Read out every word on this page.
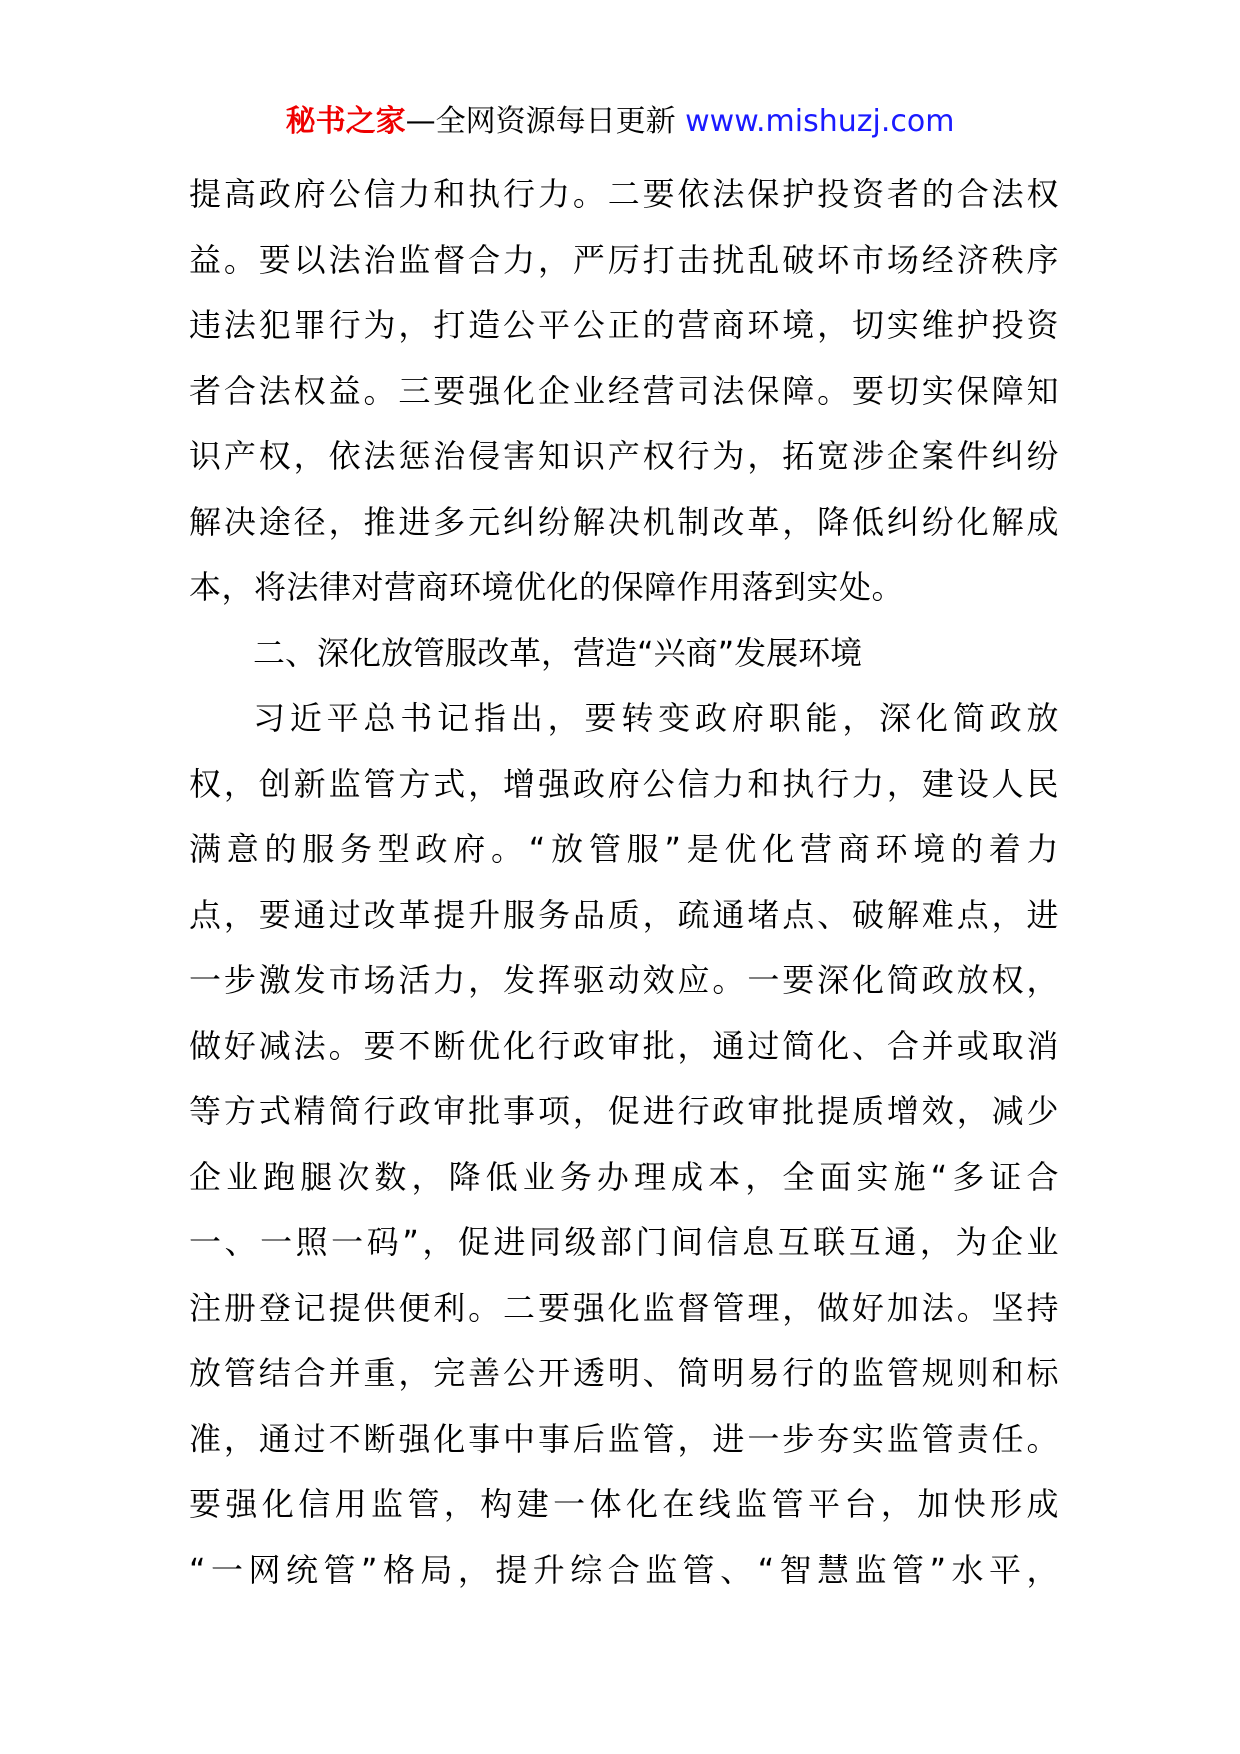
秘书之家—全网资源每日更新 www.mishuzj.com
提高政府公信力和执行力。二要依法保护投资者的合法权
益。要以法治监督合力，严厉打击扰乱破坏市场经济秩序
违法犯罪行为，打造公平公正的营商环境，切实维护投资
者合法权益。三要强化企业经营司法保障。要切实保障知
识产权，依法惩治侵害知识产权行为，拓宽涉企案件纠纷
解决途径，推进多元纠纷解决机制改革，降低纠纷化解成
本，将法律对营商环境优化的保障作用落到实处。
二、深化放管服改革，营造“兴商”发展环境
习近平总书记指出，要转变政府职能，深化简政放
权，创新监管方式，增强政府公信力和执行力，建设人民
满意的服务型政府。“放管服”是优化营商环境的着力
点，要通过改革提升服务品质，疏通堵点、破解难点，进
一步激发市场活力，发挥驱动效应。一要深化简政放权，
做好减法。要不断优化行政审批，通过简化、合并或取消
等方式精简行政审批事项，促进行政审批提质增效，减少
企业跑腿次数，降低业务办理成本，全面实施“多证合
一、一照一码”，促进同级部门间信息互联互通，为企业
注册登记提供便利。二要强化监督管理，做好加法。坚持
放管结合并重，完善公开透明、简明易行的监管规则和标
准，通过不断强化事中事后监管，进一步夯实监管责任。
要强化信用监管，构建一体化在线监管平台，加快形成
“一网统管”格局，提升综合监管、“智慧监管”水平，
